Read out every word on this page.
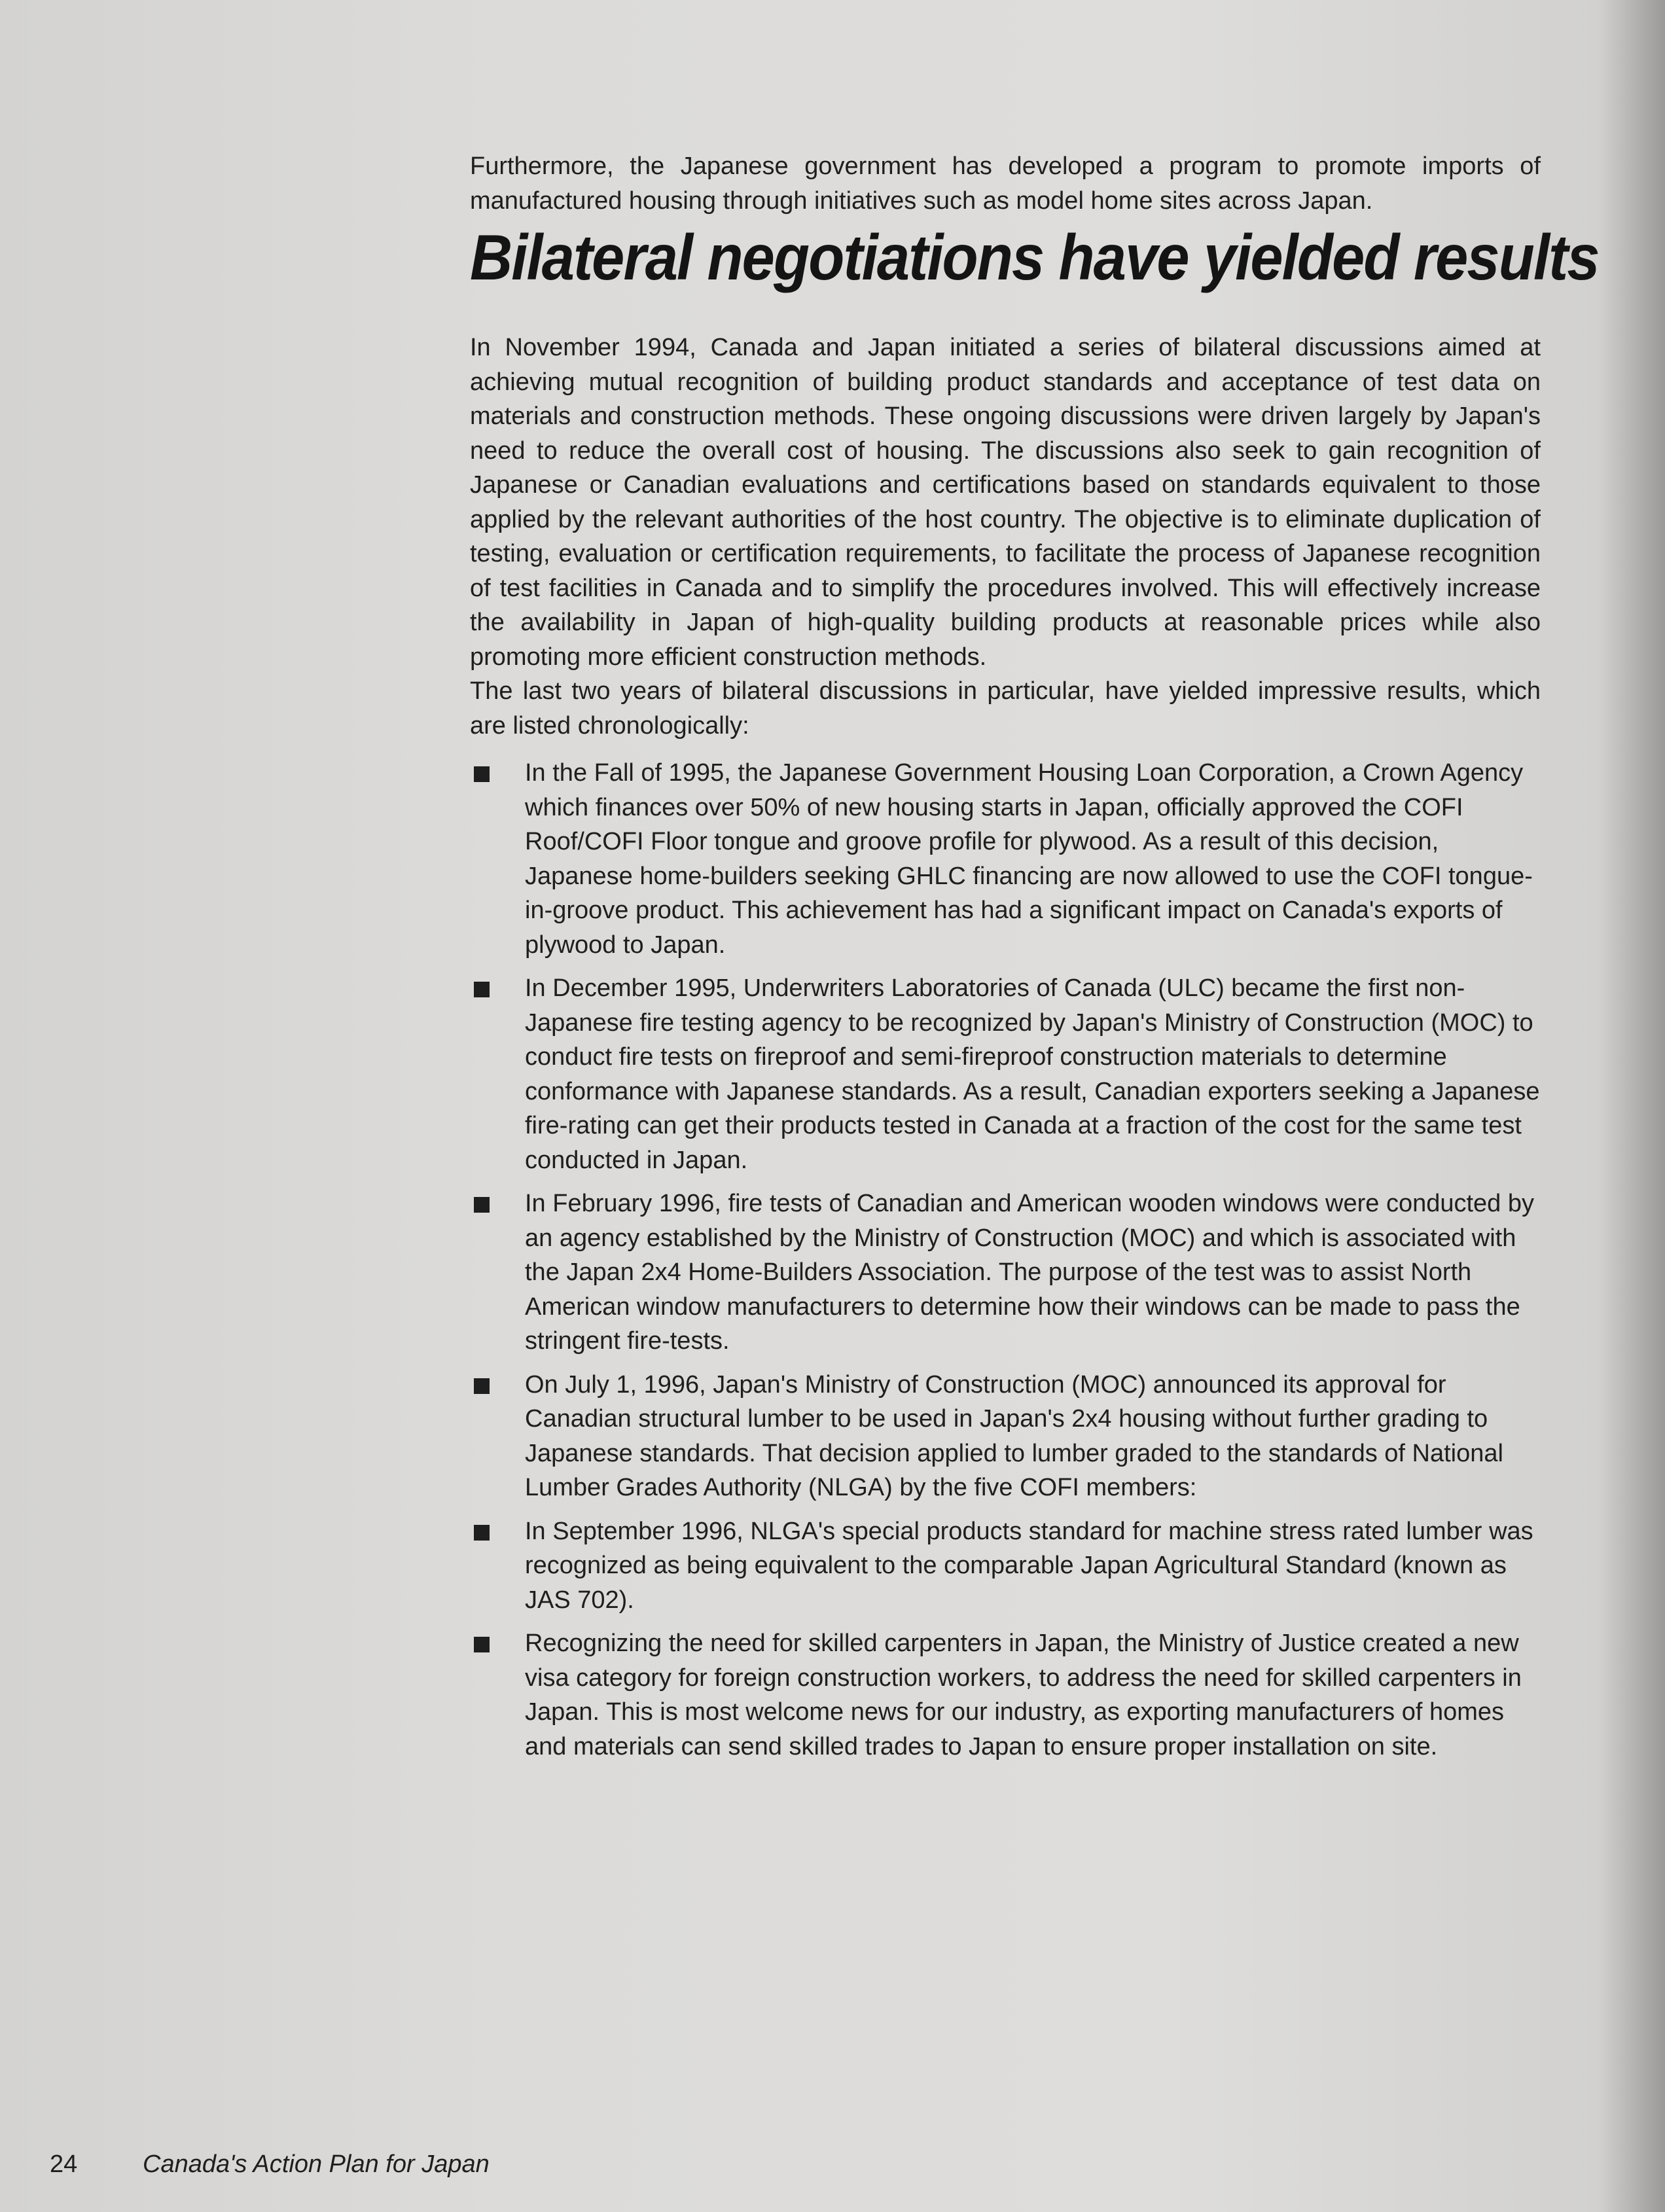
Furthermore, the Japanese government has developed a program to promote imports of manufactured housing through initiatives such as model home sites across Japan.

Bilateral negotiations have yielded results

In November 1994, Canada and Japan initiated a series of bilateral discussions aimed at achieving mutual recognition of building product standards and acceptance of test data on materials and construction methods. These ongoing discussions were driven largely by Japan's need to reduce the overall cost of housing. The discussions also seek to gain recognition of Japanese or Canadian evaluations and certifications based on standards equivalent to those applied by the relevant authorities of the host country. The objective is to eliminate duplication of testing, evaluation or certification requirements, to facilitate the process of Japanese recognition of test facilities in Canada and to simplify the procedures involved. This will effectively increase the availability in Japan of high-quality building products at reasonable prices while also promoting more efficient construction methods.

The last two years of bilateral discussions in particular, have yielded impressive results, which are listed chronologically:

In the Fall of 1995, the Japanese Government Housing Loan Corporation, a Crown Agency which finances over 50% of new housing starts in Japan, officially approved the COFI Roof/COFI Floor tongue and groove profile for plywood. As a result of this decision, Japanese home-builders seeking GHLC financing are now allowed to use the COFI tongue-in-groove product. This achievement has had a significant impact on Canada's exports of plywood to Japan.
In December 1995, Underwriters Laboratories of Canada (ULC) became the first non-Japanese fire testing agency to be recognized by Japan's Ministry of Construction (MOC) to conduct fire tests on fireproof and semi-fireproof construction materials to determine conformance with Japanese standards. As a result, Canadian exporters seeking a Japanese fire-rating can get their products tested in Canada at a fraction of the cost for the same test conducted in Japan.
In February 1996, fire tests of Canadian and American wooden windows were conducted by an agency established by the Ministry of Construction (MOC) and which is associated with the Japan 2x4 Home-Builders Association. The purpose of the test was to assist North American window manufacturers to determine how their windows can be made to pass the stringent fire-tests.
On July 1, 1996, Japan's Ministry of Construction (MOC) announced its approval for Canadian structural lumber to be used in Japan's 2x4 housing without further grading to Japanese standards. That decision applied to lumber graded to the standards of National Lumber Grades Authority (NLGA) by the five COFI members:
In September 1996, NLGA's special products standard for machine stress rated lumber was recognized as being equivalent to the comparable Japan Agricultural Standard (known as JAS 702).
Recognizing the need for skilled carpenters in Japan, the Ministry of Justice created a new visa category for foreign construction workers, to address the need for skilled carpenters in Japan. This is most welcome news for our industry, as exporting manufacturers of homes and materials can send skilled trades to Japan to ensure proper installation on site.
24	Canada's Action Plan for Japan
